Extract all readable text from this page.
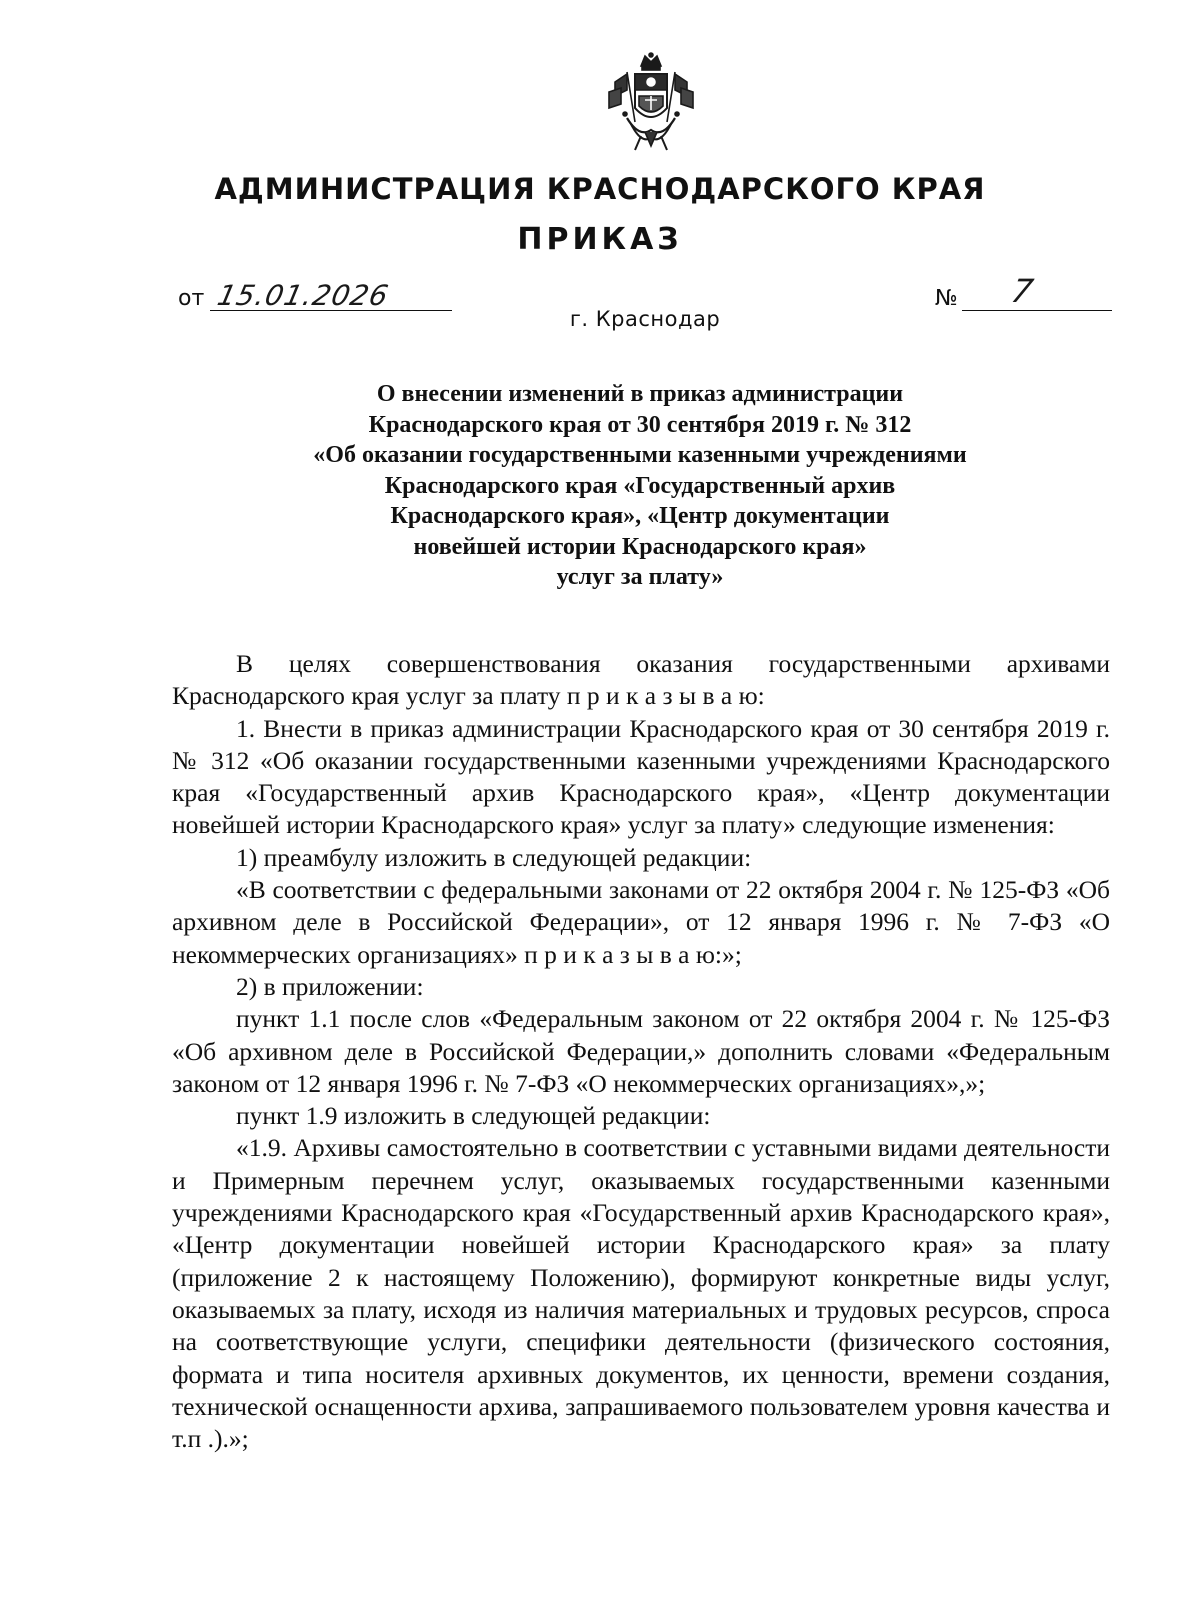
АДМИНИСТРАЦИЯ КРАСНОДАРСКОГО КРАЯ
ПРИКАЗ
от 15.01.2026	№ 7
г. Краснодар
О внесении изменений в приказ администрации
Краснодарского края от 30 сентября 2019 г. № 312
«Об оказании государственными казенными учреждениями
Краснодарского края «Государственный архив
Краснодарского края», «Центр документации
новейшей истории Краснодарского края»
услуг за плату»

В целях совершенствования оказания государственными архивами Краснодарского края услуг за плату п р и к а з ы в а ю:

1. Внести в приказ администрации Краснодарского края от 30 сентября 2019 г. № 312 «Об оказании государственными казенными учреждениями Краснодарского края «Государственный архив Краснодарского края», «Центр документации новейшей истории Краснодарского края» услуг за плату» следующие изменения:

1) преамбулу изложить в следующей редакции:

«В соответствии с федеральными законами от 22 октября 2004 г. № 125-ФЗ «Об архивном деле в Российской Федерации», от 12 января 1996 г. № 7-ФЗ «О некоммерческих организациях» п р и к а з ы в а ю:»;

2) в приложении:

пункт 1.1 после слов «Федеральным законом от 22 октября 2004 г. № 125-ФЗ «Об архивном деле в Российской Федерации,» дополнить словами «Федеральным законом от 12 января 1996 г. № 7-ФЗ «О некоммерческих организациях»,»;

пункт 1.9 изложить в следующей редакции:

«1.9. Архивы самостоятельно в соответствии с уставными видами деятельности и Примерным перечнем услуг, оказываемых государственными казенными учреждениями Краснодарского края «Государственный архив Краснодарского края», «Центр документации новейшей истории Краснодарского края» за плату (приложение 2 к настоящему Положению), формируют конкретные виды услуг, оказываемых за плату, исходя из наличия материальных и трудовых ресурсов, спроса на соответствующие услуги, специфики деятельности (физического состояния, формата и типа носителя архивных документов, их ценности, времени создания, технической оснащенности архива, запрашиваемого пользователем уровня качества и т.п .).»;
